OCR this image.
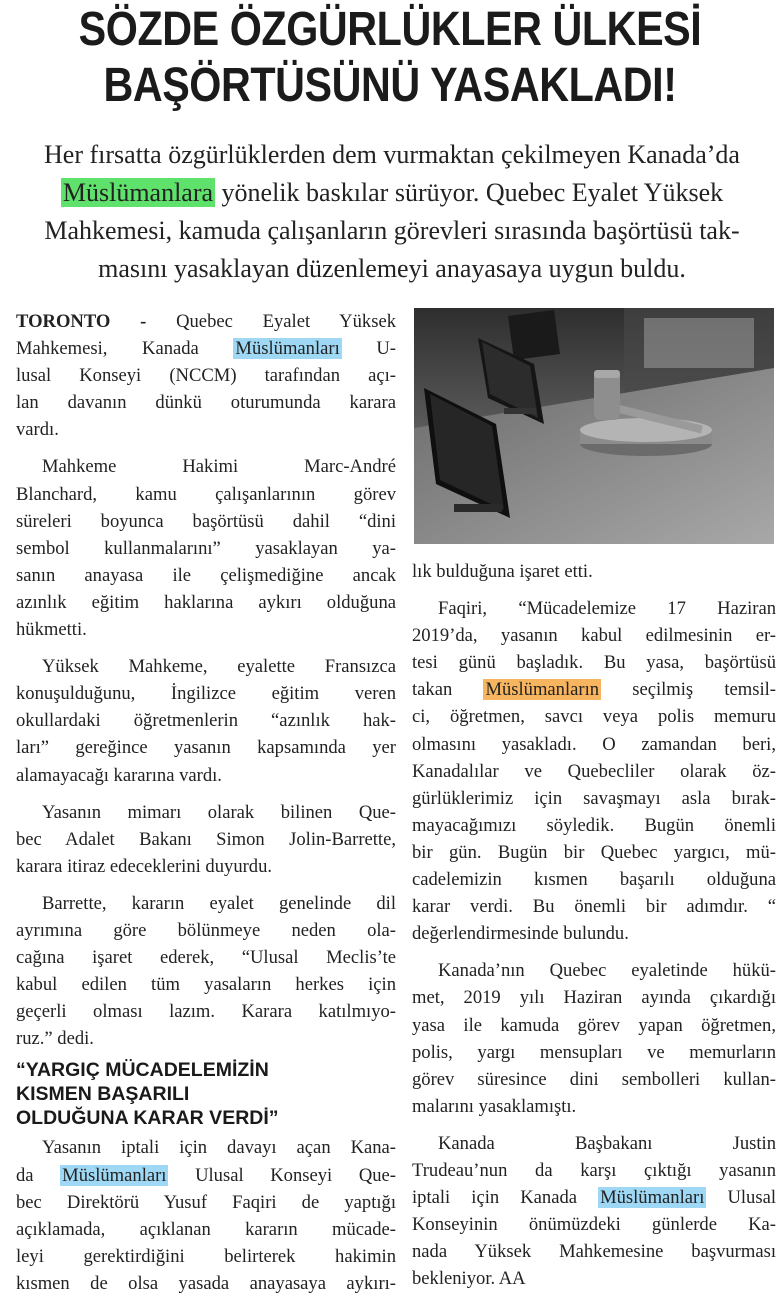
SÖZDE ÖZGÜRLÜKLER ÜLKESİ
BAŞÖRTÜSÜNÜ YASAKLADI!
Her fırsatta özgürlüklerden dem vurmaktan çekilmeyen Kanada’da
Müslümanlara yönelik baskılar sürüyor. Quebec Eyalet Yüksek
Mahkemesi, kamuda çalışanların görevleri sırasında başörtüsü tak-
masını yasaklayan düzenlemeyi anayasaya uygun buldu.
TORONTO - Quebec Eyalet Yüksek
Mahkemesi, Kanada Müslümanları U-
lusal Konseyi (NCCM) tarafından açı-
lan davanın dünkü oturumunda karara
vardı.
Mahkeme Hakimi Marc-André
Blanchard, kamu çalışanlarının görev
süreleri boyunca başörtüsü dahil “dini
sembol kullanmalarını” yasaklayan ya-
sanın anayasa ile çelişmediğine ancak
azınlık eğitim haklarına aykırı olduğuna
hükmetti.
Yüksek Mahkeme, eyalette Fransızca
konuşulduğunu, İngilizce eğitim veren
okullardaki öğretmenlerin “azınlık hak-
ları” gereğince yasanın kapsamında yer
alamayacağı kararına vardı.
Yasanın mimarı olarak bilinen Que-
bec Adalet Bakanı Simon Jolin-Barrette,
karara itiraz edeceklerini duyurdu.
Barrette, kararın eyalet genelinde dil
ayrımına göre bölünmeye neden ola-
cağına işaret ederek, “Ulusal Meclis’te
kabul edilen tüm yasaların herkes için
geçerli olması lazım. Karara katılmıyo-
ruz.” dedi.
“YARGIÇ MÜCADELEMİZİN
KISMEN BAŞARILI
OLDUĞUNA KARAR VERDİ”
Yasanın iptali için davayı açan Kana-
da Müslümanları Ulusal Konseyi Que-
bec Direktörü Yusuf Faqiri de yaptığı
açıklamada, açıklanan kararın mücade-
leyi gerektirdiğini belirterek hakimin
kısmen de olsa yasada anayasaya aykırı-
lık bulduğuna işaret etti.
Faqiri, “Mücadelemize 17 Haziran
2019’da, yasanın kabul edilmesinin er-
tesi günü başladık. Bu yasa, başörtüsü
takan Müslümanların seçilmiş temsil-
ci, öğretmen, savcı veya polis memuru
olmasını yasakladı. O zamandan beri,
Kanadalılar ve Quebecliler olarak öz-
gürlüklerimiz için savaşmayı asla bırak-
mayacağımızı söyledik. Bugün önemli
bir gün. Bugün bir Quebec yargıcı, mü-
cadelemizin kısmen başarılı olduğuna
karar verdi. Bu önemli bir adımdır. “
değerlendirmesinde bulundu.
Kanada’nın Quebec eyaletinde hükü-
met, 2019 yılı Haziran ayında çıkardığı
yasa ile kamuda görev yapan öğretmen,
polis, yargı mensupları ve memurların
görev süresince dini sembolleri kullan-
malarını yasaklamıştı.
Kanada Başbakanı Justin
Trudeau’nun da karşı çıktığı yasanın
iptali için Kanada Müslümanları Ulusal
Konseyinin önümüzdeki günlerde Ka-
nada Yüksek Mahkemesine başvurması
bekleniyor. AA
